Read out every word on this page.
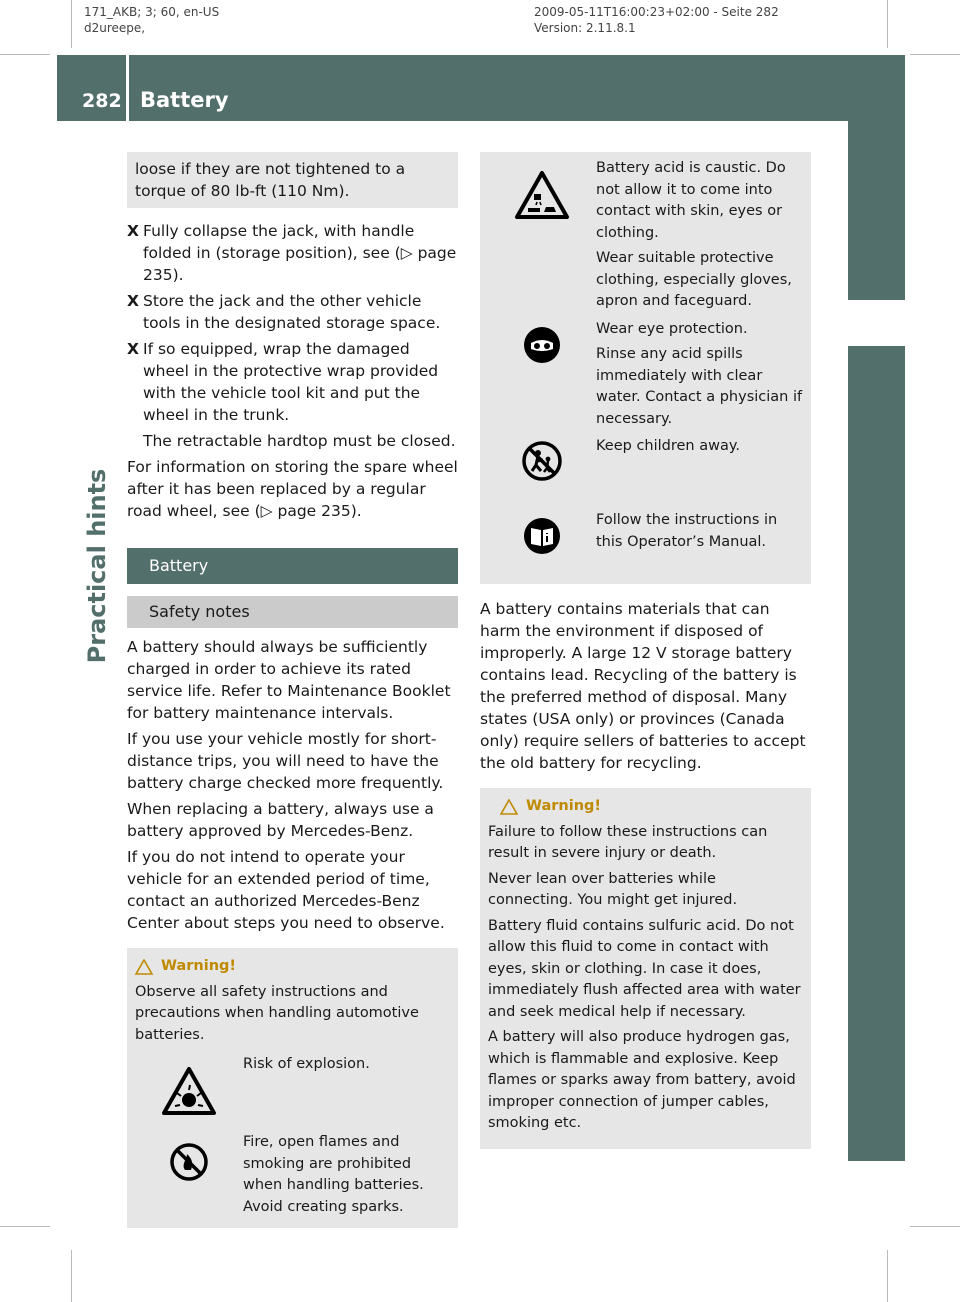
171_AKB; 3; 60, en-US
d2ureepe,
2009-05-11T16:00:23+02:00 - Seite 282
Version: 2.11.8.1
282 Battery
Practical hints
loose if they are not tightened to a torque of 80 lb-ft (110 Nm).
X Fully collapse the jack, with handle folded in (storage position), see (▷ page 235).
X Store the jack and the other vehicle tools in the designated storage space.
X If so equipped, wrap the damaged wheel in the protective wrap provided with the vehicle tool kit and put the wheel in the trunk.
The retractable hardtop must be closed.
For information on storing the spare wheel after it has been replaced by a regular road wheel, see (▷ page 235).
Battery
Safety notes
A battery should always be sufficiently charged in order to achieve its rated service life. Refer to Maintenance Booklet for battery maintenance intervals.
If you use your vehicle mostly for short-distance trips, you will need to have the battery charge checked more frequently.
When replacing a battery, always use a battery approved by Mercedes-Benz.
If you do not intend to operate your vehicle for an extended period of time, contact an authorized Mercedes-Benz Center about steps you need to observe.
Warning!
Observe all safety instructions and precautions when handling automotive batteries.
Risk of explosion.
Fire, open flames and smoking are prohibited when handling batteries. Avoid creating sparks.
Battery acid is caustic. Do not allow it to come into contact with skin, eyes or clothing.
Wear suitable protective clothing, especially gloves, apron and faceguard.
Wear eye protection.
Rinse any acid spills immediately with clear water. Contact a physician if necessary.
Keep children away.
Follow the instructions in this Operator’s Manual.
A battery contains materials that can harm the environment if disposed of improperly. A large 12 V storage battery contains lead. Recycling of the battery is the preferred method of disposal. Many states (USA only) or provinces (Canada only) require sellers of batteries to accept the old battery for recycling.
Warning!
Failure to follow these instructions can result in severe injury or death.
Never lean over batteries while connecting. You might get injured.
Battery fluid contains sulfuric acid. Do not allow this fluid to come in contact with eyes, skin or clothing. In case it does, immediately flush affected area with water and seek medical help if necessary.
A battery will also produce hydrogen gas, which is flammable and explosive. Keep flames or sparks away from battery, avoid improper connection of jumper cables, smoking etc.
